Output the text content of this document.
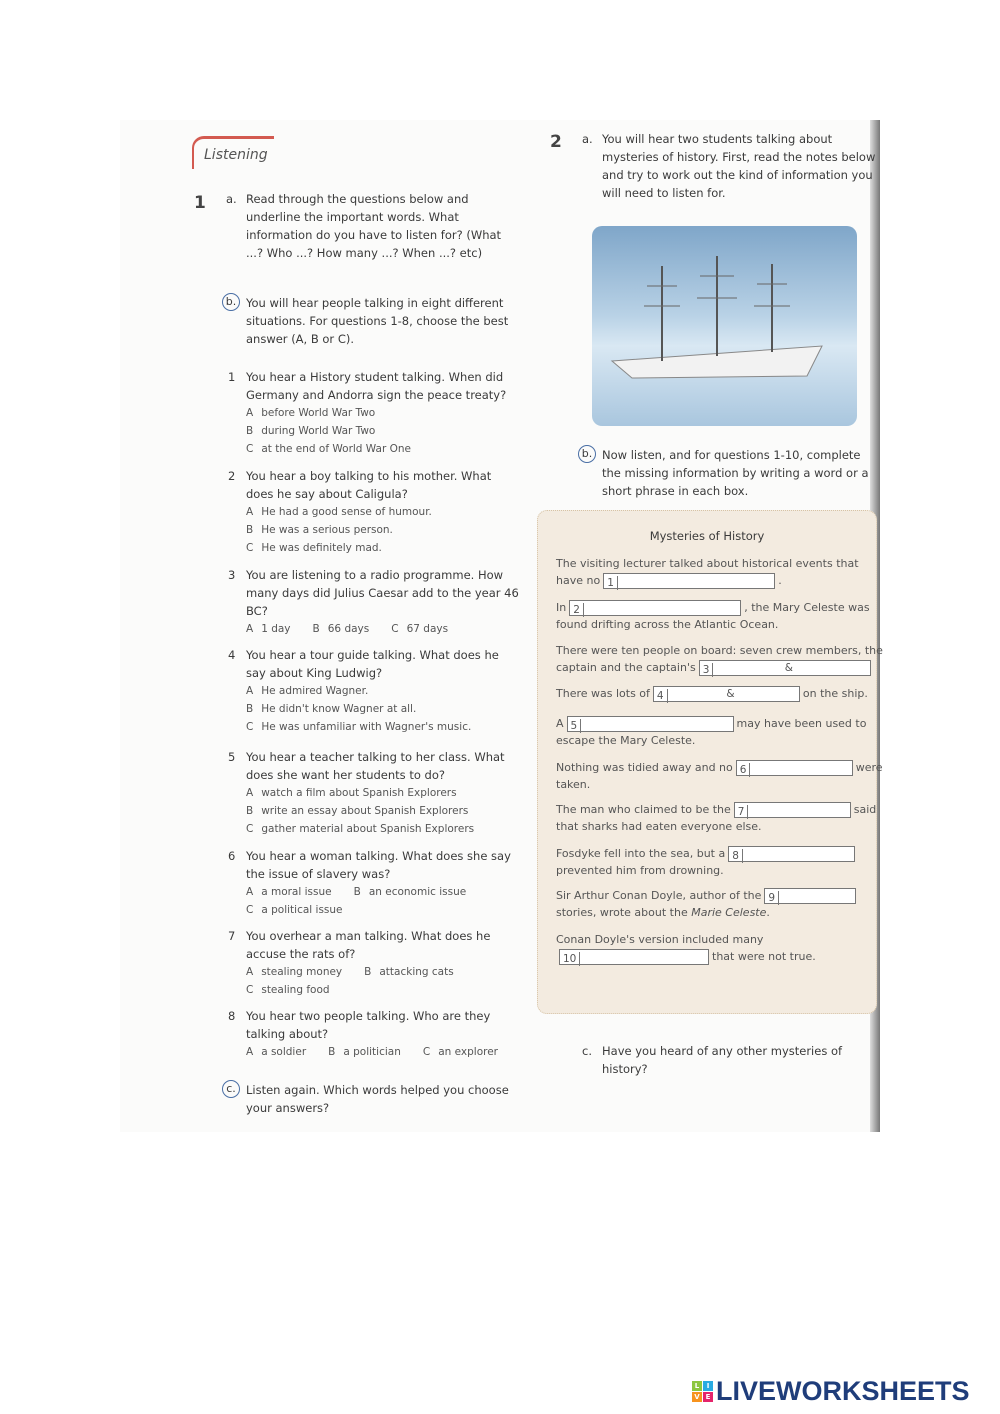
Listening
1 a. Read through the questions below and underline the important words. What information do you have to listen for? (What ...? Who ...? How many ...? When ...? etc)
b. You will hear people talking in eight different situations. For questions 1-8, choose the best answer (A, B or C).
1 You hear a History student talking. When did Germany and Andorra sign the peace treaty?
A before World War Two
B during World War Two
C at the end of World War One
2 You hear a boy talking to his mother. What does he say about Caligula?
A He had a good sense of humour.
B He was a serious person.
C He was definitely mad.
3 You are listening to a radio programme. How many days did Julius Caesar add to the year 46 BC?
A 1 day B 66 days C 67 days
4 You hear a tour guide talking. What does he say about King Ludwig?
A He admired Wagner.
B He didn't know Wagner at all.
C He was unfamiliar with Wagner's music.
5 You hear a teacher talking to her class. What does she want her students to do?
A watch a film about Spanish Explorers
B write an essay about Spanish Explorers
C gather material about Spanish Explorers
6 You hear a woman talking. What does she say the issue of slavery was?
A a moral issue B an economic issue
C a political issue
7 You overhear a man talking. What does he accuse the rats of?
A stealing money B attacking cats
C stealing food
8 You hear two people talking. Who are they talking about?
A a soldier B a politician C an explorer
c. Listen again. Which words helped you choose your answers?
2 a. You will hear two students talking about mysteries of history. First, read the notes below and try to work out the kind of information you will need to listen for.
b. Now listen, and for questions 1-10, complete the missing information by writing a word or a short phrase in each box.
Mysteries of History
The visiting lecturer talked about historical events that have no 1	.
In 2	, the Mary Celeste was found drifting across the Atlantic Ocean.
There were ten people on board: seven crew members, the captain and the captain's 3	&
There was lots of 4	&	on the ship.
A 5	may have been used to escape the Mary Celeste.
Nothing was tidied away and no 6	were taken.
The man who claimed to be the 7	said that sharks had eaten everyone else.
Fosdyke fell into the sea, but a 8prevented him from drowning.
Sir Arthur Conan Doyle, author of the 9stories, wrote about the Marie Celeste.
Conan Doyle's version included many10	that were not true.
c. Have you heard of any other mysteries of history?
L	I
V E LIVEWORKSHEETS
